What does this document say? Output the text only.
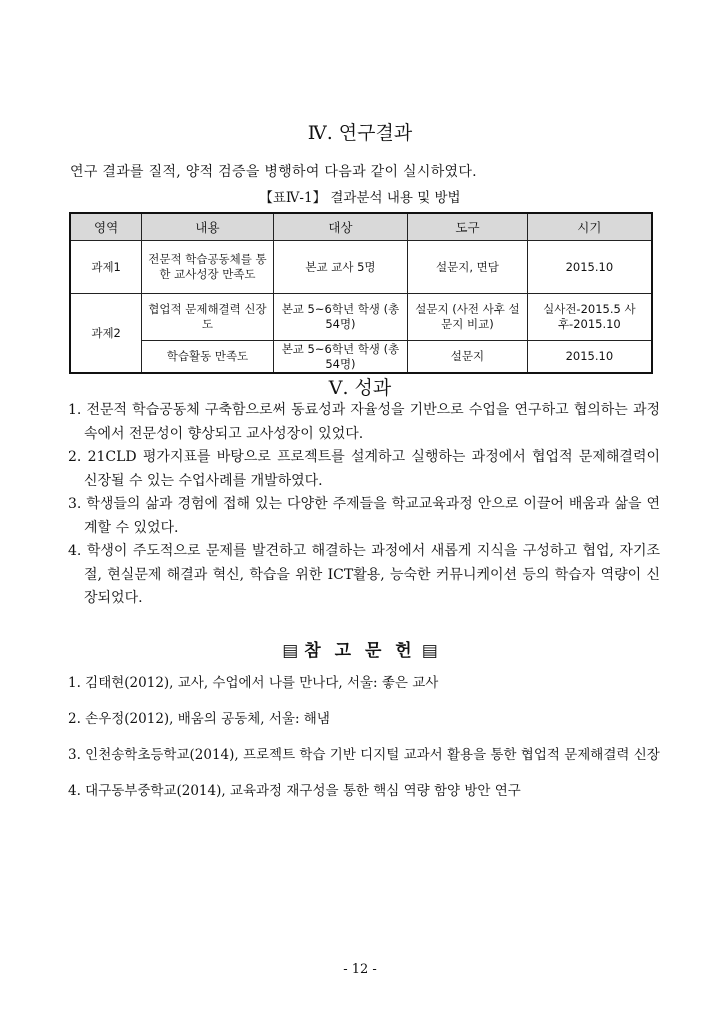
Ⅳ. 연구결과
연구 결과를 질적, 양적 검증을 병행하여 다음과 같이 실시하였다.
【표Ⅳ-1】 결과분석 내용 및 방법
영역	내용	대상	도구	시기
과제1	전문적 학습공동체를 통한 교사성장 만족도	본교 교사 5명	설문지, 면담	2015.10
과제2	협업적 문제해결력 신장도	본교 5~6학년 학생 (총 54명)	설문지 (사전 사후 설문지 비교)	실사전-2015.5 사후-2015.10
	학습활동 만족도	본교 5~6학년 학생 (총 54명)	설문지	2015.10
Ⅴ. 성과
1. 전문적 학습공동체 구축함으로써 동료성과 자율성을 기반으로 수업을 연구하고 협의하는 과정 속에서 전문성이 향상되고 교사성장이 있었다.
2. 21CLD 평가지표를 바탕으로 프로젝트를 설계하고 실행하는 과정에서 협업적 문제해결력이 신장될 수 있는 수업사례를 개발하였다.
3. 학생들의 삶과 경험에 접해 있는 다양한 주제들을 학교교육과정 안으로 이끌어 배움과 삶을 연계할 수 있었다.
4. 학생이 주도적으로 문제를 발견하고 해결하는 과정에서 새롭게 지식을 구성하고 협업, 자기조절, 현실문제 해결과 혁신, 학습을 위한 ICT활용, 능숙한 커뮤니케이션 등의 학습자 역량이 신장되었다.
▤ 참 고 문 헌 ▤
1. 김태현(2012), 교사, 수업에서 나를 만나다, 서울: 좋은 교사
2. 손우정(2012), 배움의 공동체, 서울: 해냄
3. 인천송학초등학교(2014), 프로젝트 학습 기반 디지털 교과서 활용을 통한 협업적 문제해결력 신장
4. 대구동부중학교(2014), 교육과정 재구성을 통한 핵심 역량 함양 방안 연구
- 12 -
